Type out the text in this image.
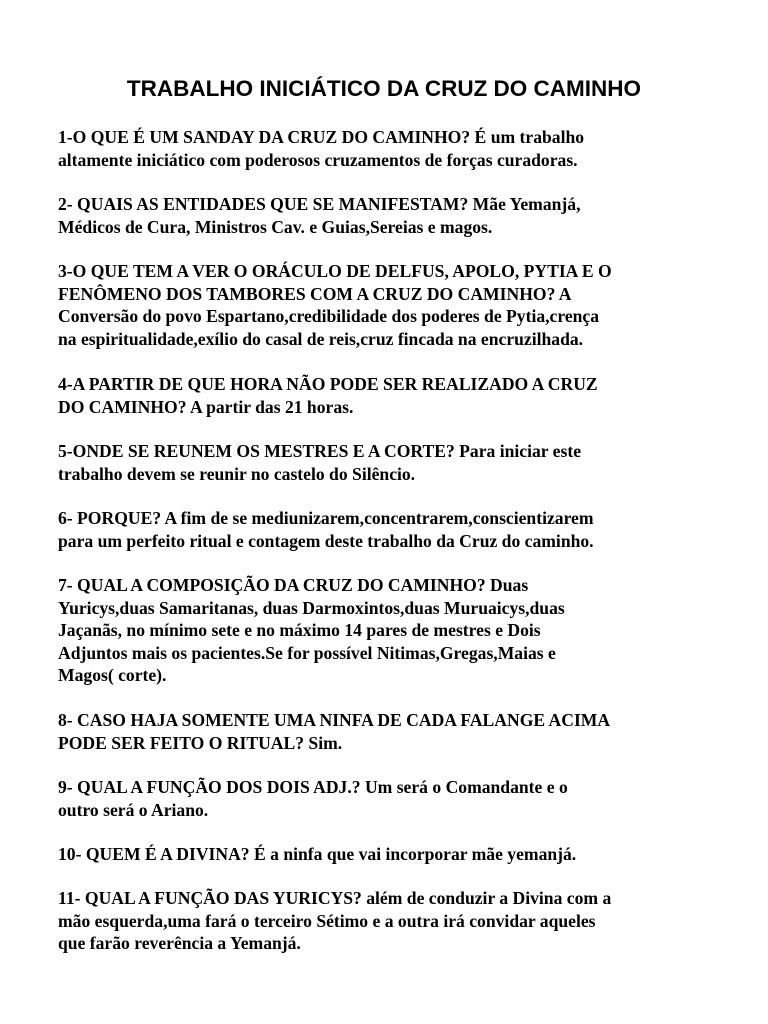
TRABALHO INICIÁTICO DA CRUZ DO CAMINHO
1-O QUE É UM SANDAY DA CRUZ DO CAMINHO? É um trabalho
altamente iniciático com poderosos cruzamentos de forças curadoras.
2- QUAIS AS ENTIDADES QUE SE MANIFESTAM? Mãe Yemanjá,
Médicos de Cura, Ministros Cav. e Guias,Sereias e magos.
3-O QUE TEM A VER O ORÁCULO DE DELFUS, APOLO, PYTIA E O
FENÔMENO DOS TAMBORES COM A CRUZ DO CAMINHO? A
Conversão do povo Espartano,credibilidade dos poderes de Pytia,crença
na espiritualidade,exílio do casal de reis,cruz fincada na encruzilhada.
4-A PARTIR DE QUE HORA NÃO PODE SER REALIZADO A CRUZ
DO CAMINHO? A partir das 21 horas.
5-ONDE SE REUNEM OS MESTRES E A CORTE? Para iniciar este
trabalho devem se reunir no castelo do Silêncio.
6- PORQUE? A fim de se mediunizarem,concentrarem,conscientizarem
para um perfeito ritual e contagem deste trabalho da Cruz do caminho.
7- QUAL A COMPOSIÇÃO DA CRUZ DO CAMINHO? Duas
Yuricys,duas Samaritanas, duas Darmoxintos,duas Muruaicys,duas
Jaçanãs, no mínimo sete e no máximo 14 pares de mestres e Dois
Adjuntos mais os pacientes.Se for possível Nitimas,Gregas,Maias e
Magos( corte).
8- CASO HAJA SOMENTE UMA NINFA DE CADA FALANGE ACIMA
PODE SER FEITO O RITUAL? Sim.
9- QUAL A FUNÇÃO DOS DOIS ADJ.? Um será o Comandante e o
outro será o Ariano.
10- QUEM É A DIVINA? É a ninfa que vai incorporar mãe yemanjá.
11- QUAL A FUNÇÃO DAS YURICYS? além de conduzir a Divina com a
mão esquerda,uma fará o terceiro Sétimo e a outra irá convidar aqueles
que farão reverência a Yemanjá.
